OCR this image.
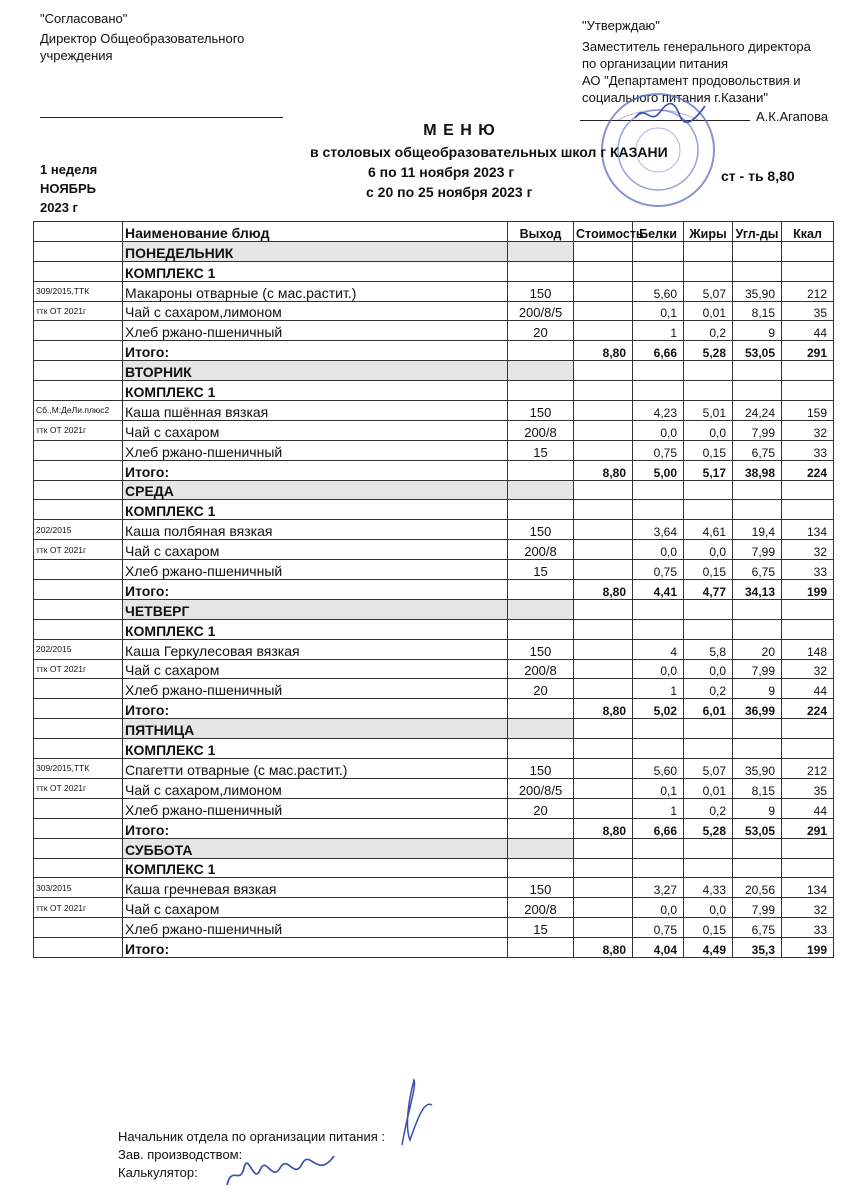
"Согласовано"
Директор Общеобразовательного
учреждения
"Утверждаю"
Заместитель генерального директора
по организации питания
АО "Департамент продовольствия и
социального питания г.Казани"
А.К.Агапова
М Е Н Ю
в столовых общеобразовательных школ г КАЗАНИ
6 по 11 ноября 2023 г
с 20 по 25 ноября 2023 г
1 неделя
НОЯБРЬ
2023 г
ст - ть 8,80
	Наименование блюд	Выход	Стоимость	Белки	Жиры	Угл-ды	Ккал
	ПОНЕДЕЛЬНИК						
	КОМПЛЕКС 1						
309/2015,ТТК	Макароны отварные (с мас.растит.)	150		5,60	5,07	35,90	212
ттк ОТ 2021г	Чай с сахаром,лимоном	200/8/5		0,1	0,01	8,15	35
	Хлеб ржано-пшеничный	20		1	0,2	9	44
	Итого:		8,80	6,66	5,28	53,05	291
	ВТОРНИК						
	КОМПЛЕКС 1						
Сб.,М:ДеЛи.плюс2	Каша пшённая вязкая	150		4,23	5,01	24,24	159
ттк ОТ 2021г	Чай с сахаром	200/8		0,0	0,0	7,99	32
	Хлеб ржано-пшеничный	15		0,75	0,15	6,75	33
	Итого:		8,80	5,00	5,17	38,98	224
	СРЕДА						
	КОМПЛЕКС 1						
202/2015	Каша полбяная вязкая	150		3,64	4,61	19,4	134
ттк ОТ 2021г	Чай с сахаром	200/8		0,0	0,0	7,99	32
	Хлеб ржано-пшеничный	15		0,75	0,15	6,75	33
	Итого:		8,80	4,41	4,77	34,13	199
	ЧЕТВЕРГ						
	КОМПЛЕКС 1						
202/2015	Каша Геркулесовая вязкая	150		4	5,8	20	148
ттк ОТ 2021г	Чай с сахаром	200/8		0,0	0,0	7,99	32
	Хлеб ржано-пшеничный	20		1	0,2	9	44
	Итого:		8,80	5,02	6,01	36,99	224
	ПЯТНИЦА						
	КОМПЛЕКС 1						
309/2015,ТТК	Спагетти отварные (с мас.растит.)	150		5,60	5,07	35,90	212
ттк ОТ 2021г	Чай с сахаром,лимоном	200/8/5		0,1	0,01	8,15	35
	Хлеб ржано-пшеничный	20		1	0,2	9	44
	Итого:		8,80	6,66	5,28	53,05	291
	СУББОТА						
	КОМПЛЕКС 1						
303/2015	Каша гречневая вязкая	150		3,27	4,33	20,56	134
ттк ОТ 2021г	Чай с сахаром	200/8		0,0	0,0	7,99	32
	Хлеб ржано-пшеничный	15		0,75	0,15	6,75	33
	Итого:		8,80	4,04	4,49	35,3	199
Начальник отдела по организации питания :
Зав. производством:
Калькулятор:
